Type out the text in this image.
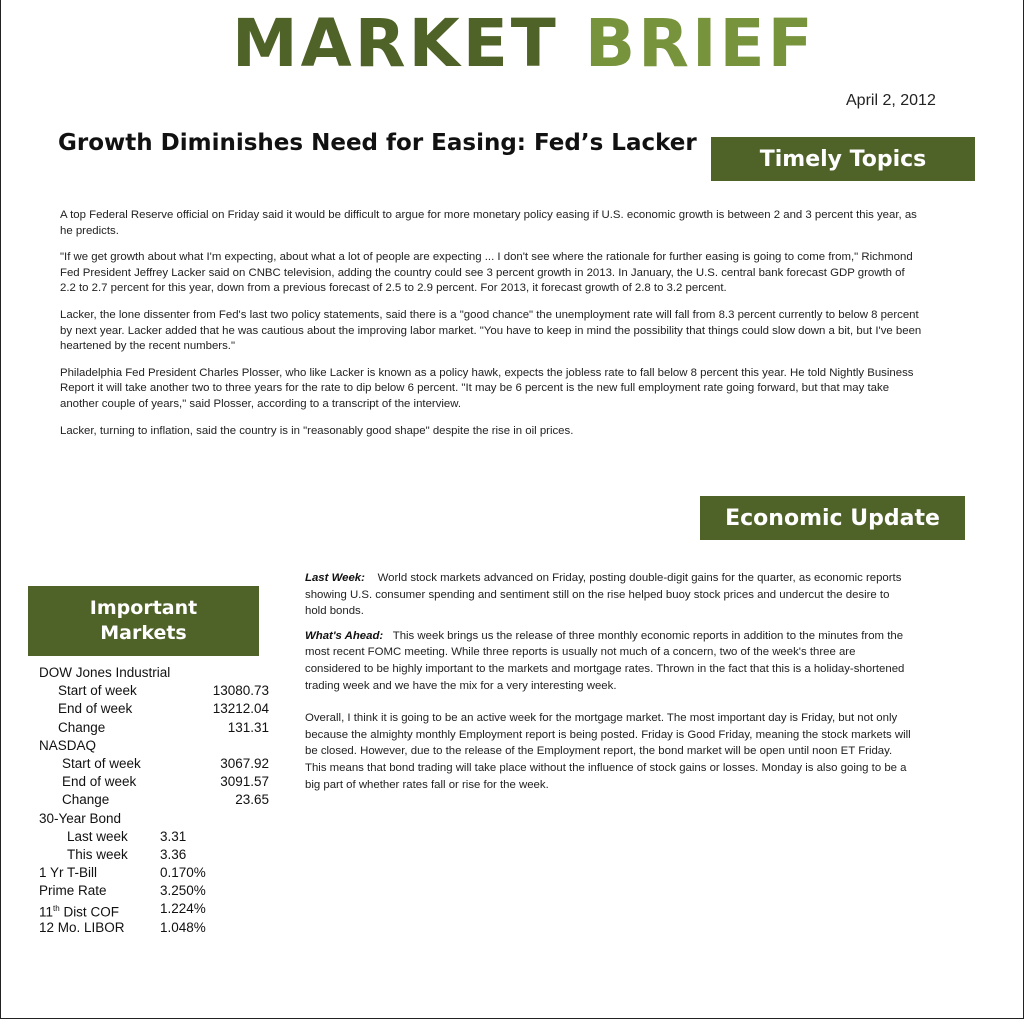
MARKET BRIEF
April 2, 2012
Growth Diminishes Need for Easing: Fed’s Lacker
Timely Topics

A top Federal Reserve official on Friday said it would be difficult to argue for more monetary policy easing if U.S. economic growth is between 2 and 3 percent this year, as he predicts.

"If we get growth about what I'm expecting, about what a lot of people are expecting ... I don't see where the rationale for further easing is going to come from," Richmond Fed President Jeffrey Lacker said on CNBC television, adding the country could see 3 percent growth in 2013. In January, the U.S. central bank forecast GDP growth of 2.2 to 2.7 percent for this year, down from a previous forecast of 2.5 to 2.9 percent. For 2013, it forecast growth of 2.8 to 3.2 percent.

Lacker, the lone dissenter from Fed's last two policy statements, said there is a "good chance" the unemployment rate will fall from 8.3 percent currently to below 8 percent by next year. Lacker added that he was cautious about the improving labor market. "You have to keep in mind the possibility that things could slow down a bit, but I've been heartened by the recent numbers."

Philadelphia Fed President Charles Plosser, who like Lacker is known as a policy hawk, expects the jobless rate to fall below 8 percent this year. He told Nightly Business Report it will take another two to three years for the rate to dip below 6 percent. "It may be 6 percent is the new full employment rate going forward, but that may take another couple of years," said Plosser, according to a transcript of the interview.

Lacker, turning to inflation, said the country is in "reasonably good shape" despite the rise in oil prices.

Economic Update
Important Markets

Last Week: World stock markets advanced on Friday, posting double-digit gains for the quarter, as economic reports showing U.S. consumer spending and sentiment still on the rise helped buoy stock prices and undercut the desire to hold bonds.

What's Ahead: This week brings us the release of three monthly economic reports in addition to the minutes from the most recent FOMC meeting. While three reports is usually not much of a concern, two of the week's three are considered to be highly important to the markets and mortgage rates. Thrown in the fact that this is a holiday-shortened trading week and we have the mix for a very interesting week.

Overall, I think it is going to be an active week for the mortgage market. The most important day is Friday, but not only because the almighty monthly Employment report is being posted. Friday is Good Friday, meaning the stock markets will be closed. However, due to the release of the Employment report, the bond market will be open until noon ET Friday. This means that bond trading will take place without the influence of stock gains or losses. Monday is also going to be a big part of whether rates fall or rise for the week.

DOW Jones Industrial
Start of week	13080.73
End of week	13212.04
Change	131.31
NASDAQ
Start of week	3067.92
End of week	3091.57
Change	23.65
30-Year Bond
Last week 3.31
This week 3.36
1 Yr T-Bill	0.170%
Prime Rate	3.250%
11th Dist COF	1.224%
12 Mo. LIBOR	1.048%
